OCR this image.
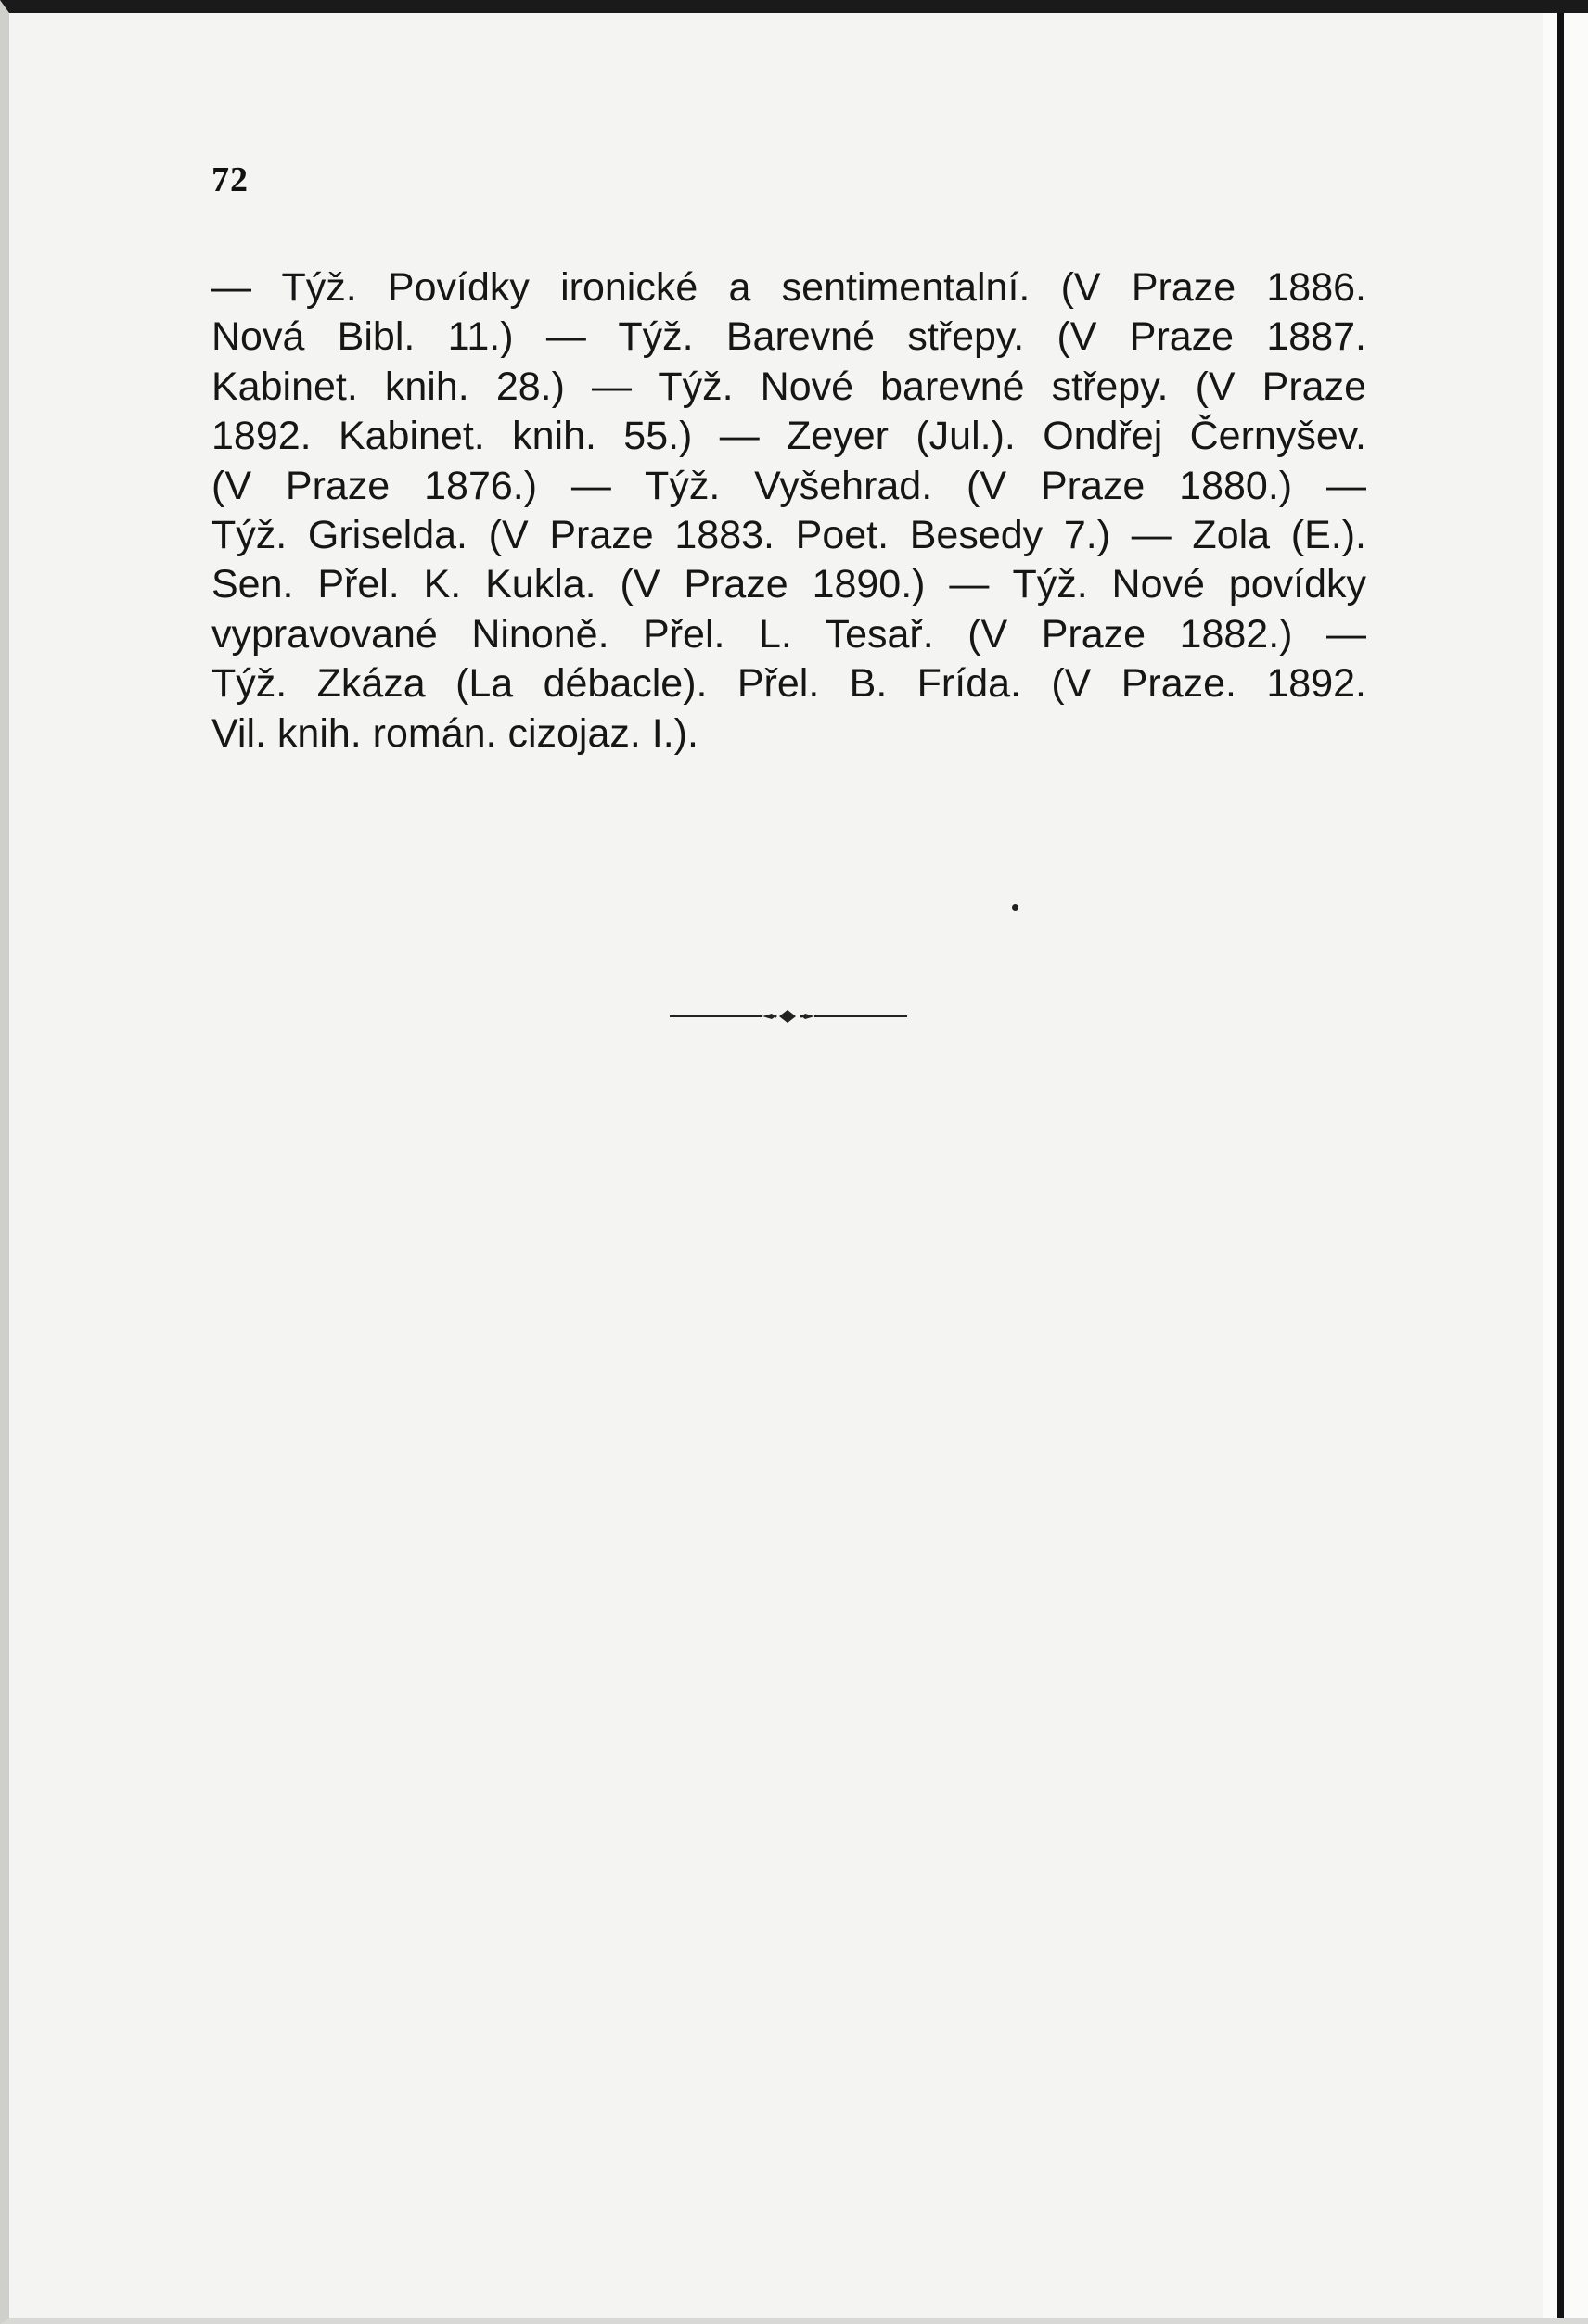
72
— Týž. Povídky ironické a sentimentalní. (V Praze 1886.
Nová Bibl. 11.) — Týž. Barevné střepy. (V Praze 1887.
Kabinet. knih. 28.) — Týž. Nové barevné střepy. (V Praze
1892. Kabinet. knih. 55.) — Zeyer (Jul.). Ondřej Černyšev.
(V Praze 1876.) — Týž. Vyšehrad. (V Praze 1880.) —
Týž. Griselda. (V Praze 1883. Poet. Besedy 7.) — Zola (E.).
Sen. Přel. K. Kukla. (V Praze 1890.) — Týž. Nové povídky
vypravované Ninoně. Přel. L. Tesař. (V Praze 1882.) —
Týž. Zkáza (La débacle). Přel. B. Frída. (V Praze. 1892.
Vil. knih. román. cizojaz. I.).
